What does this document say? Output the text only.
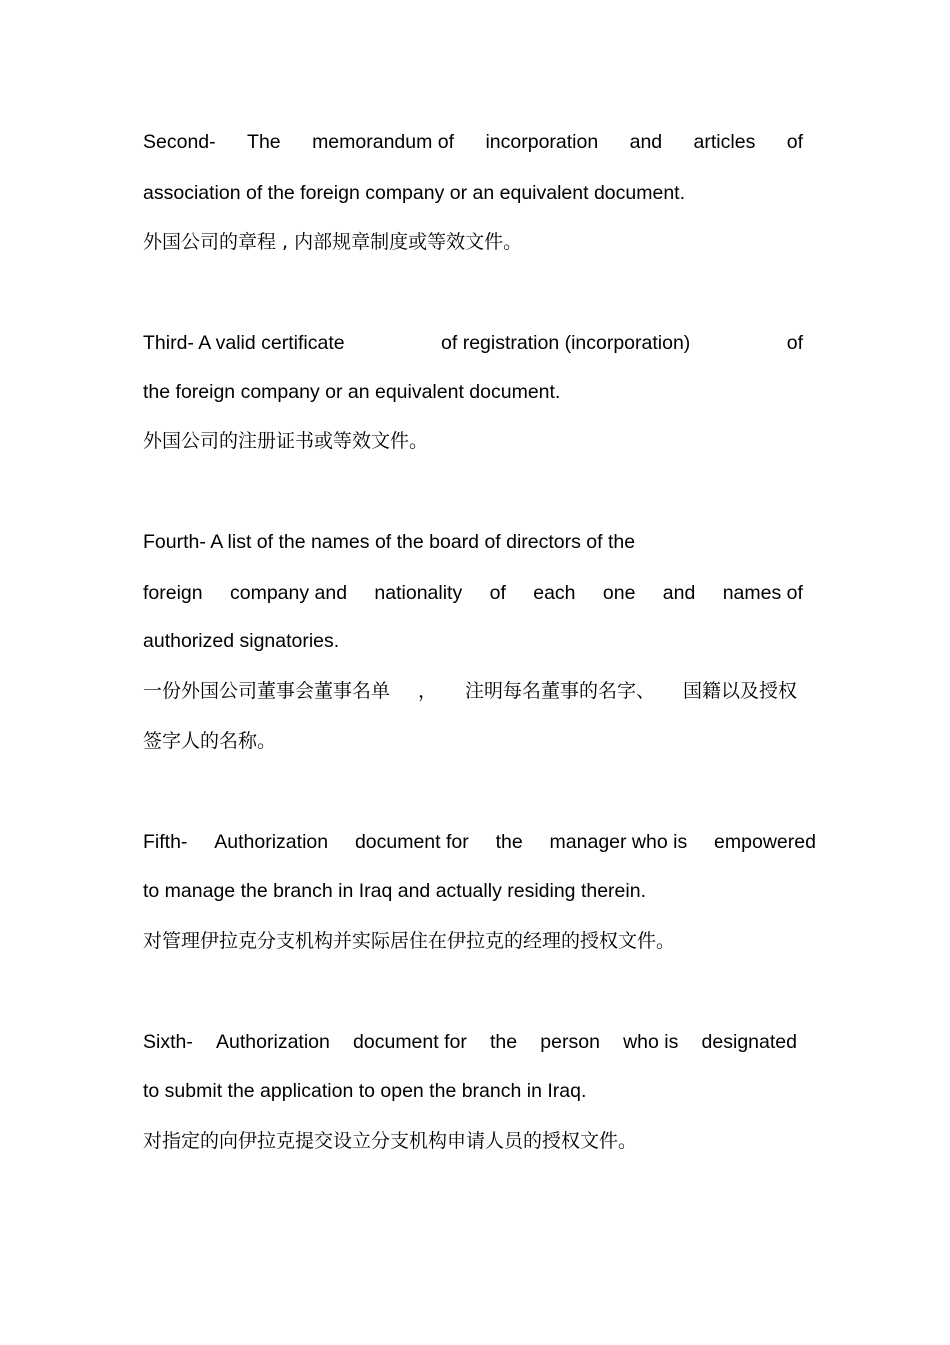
Second- The memorandum of incorporation and articles of

association of the foreign company or an equivalent document.

外国公司的章程 , 内部规章制度或等效文件。

Third- A valid certificate	of registration (incorporation)	of

the foreign company or an equivalent document.

外国公司的注册证书或等效文件。

Fourth- A list of the names of the board of directors of the

foreign company and nationality of each one and names of

authorized signatories.

一份外国公司董事会董事名单 ， 注明每名董事的名字、 国籍以及授权

签字人的名称。

Fifth- Authorization document for the manager who is empowered

to manage the branch in Iraq and actually residing therein.

对管理伊拉克分支机构并实际居住在伊拉克的经理的授权文件。

Sixth- Authorization document for the person who is designated

to submit the application to open the branch in Iraq.

对指定的向伊拉克提交设立分支机构申请人员的授权文件。
